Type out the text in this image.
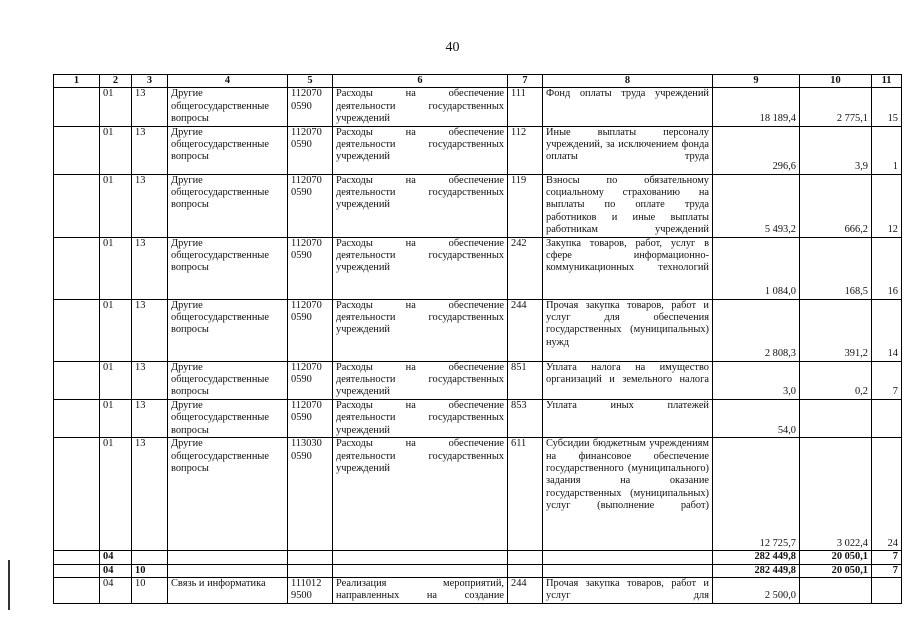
40
1	2	3	4	5	6	7	8	9	10	11
	01	13	Другие
общегосударственные
вопросы	112070
0590	Расходы на обеспечение деятельности государственных учреждений	111	Фонд оплаты труда учреждений	18 189,4	2 775,1	15
	01	13	Другие
общегосударственные
вопросы	112070
0590	Расходы на обеспечение деятельности государственных учреждений	112	Иные выплаты персоналу учреждений, за исключением фонда оплаты труда	296,6	3,9	1
	01	13	Другие
общегосударственные
вопросы	112070
0590	Расходы на обеспечение деятельности государственных учреждений	119	Взносы по обязательному социальному страхованию на выплаты по оплате труда работников и иные выплаты работникам учреждений	5 493,2	666,2	12
	01	13	Другие
общегосударственные
вопросы	112070
0590	Расходы на обеспечение деятельности государственных учреждений	242	Закупка товаров, работ, услуг в сфере информационно-коммуникационных технологий	1 084,0	168,5	16
	01	13	Другие
общегосударственные
вопросы	112070
0590	Расходы на обеспечение деятельности государственных учреждений	244	Прочая закупка товаров, работ и услуг для обеспечения государственных (муниципальных) нужд	2 808,3	391,2	14
	01	13	Другие
общегосударственные
вопросы	112070
0590	Расходы на обеспечение деятельности государственных учреждений	851	Уплата налога на имущество организаций и земельного налога	3,0	0,2	7
	01	13	Другие
общегосударственные
вопросы	112070
0590	Расходы на обеспечение деятельности государственных учреждений	853	Уплата иных платежей	54,0		
	01	13	Другие
общегосударственные
вопросы	113030
0590	Расходы на обеспечение деятельности государственных учреждений	611	Субсидии бюджетным учреждениям на финансовое обеспечение государственного (муниципального) задания на оказание государственных (муниципальных) услуг (выполнение работ)	12 725,7	3 022,4	24
	04							282 449,8	20 050,1	7
	04	10						282 449,8	20 050,1	7
	04	10	Связь и информатика	111012
9500	Реализация мероприятий, направленных на создание	244	Прочая закупка товаров, работ и услуг для	2 500,0		
